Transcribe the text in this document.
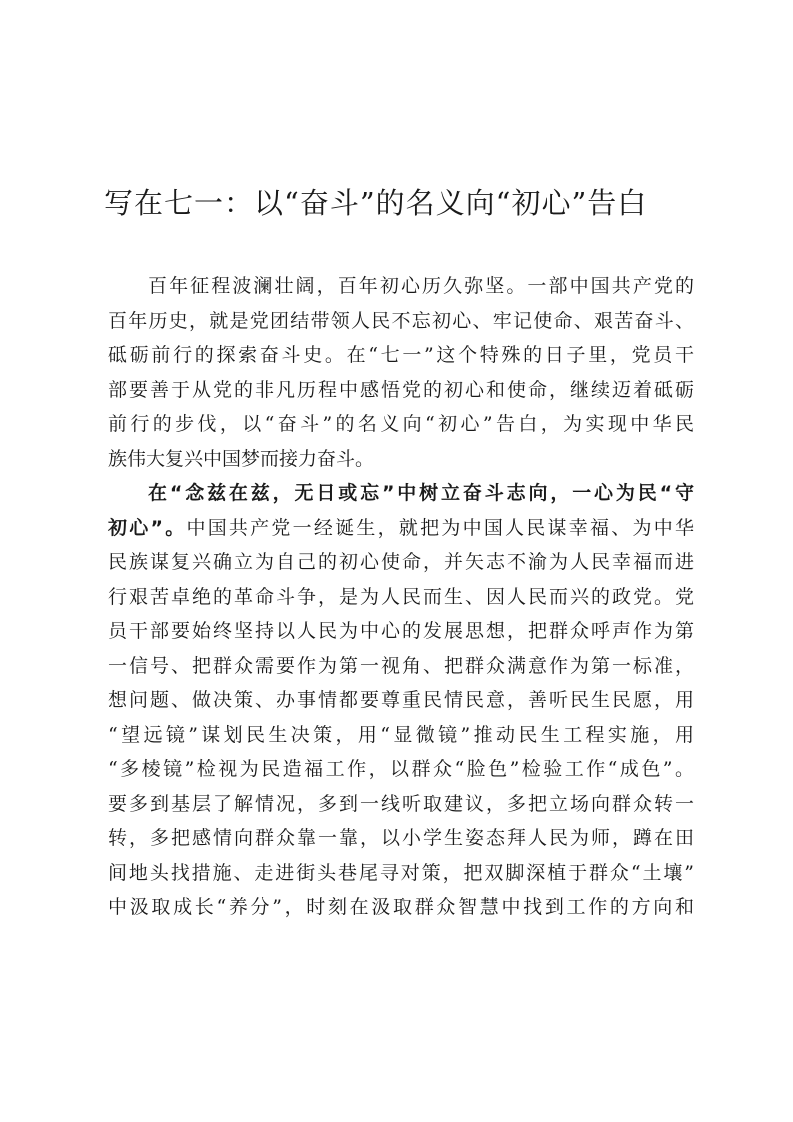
写在七一：以“奋斗”的名义向“初心”告白
百年征程波澜壮阔，百年初心历久弥坚。一部中国共产党的
百年历史，就是党团结带领人民不忘初心、牢记使命、艰苦奋斗、
砥砺前行的探索奋斗史。在“七一”这个特殊的日子里，党员干
部要善于从党的非凡历程中感悟党的初心和使命，继续迈着砥砺
前行的步伐，以“奋斗”的名义向“初心”告白，为实现中华民
族伟大复兴中国梦而接力奋斗。
在“念兹在兹，无日或忘”中树立奋斗志向，一心为民“守
初心”。中国共产党一经诞生，就把为中国人民谋幸福、为中华
民族谋复兴确立为自己的初心使命，并矢志不渝为人民幸福而进
行艰苦卓绝的革命斗争，是为人民而生、因人民而兴的政党。党
员干部要始终坚持以人民为中心的发展思想，把群众呼声作为第
一信号、把群众需要作为第一视角、把群众满意作为第一标准，
想问题、做决策、办事情都要尊重民情民意，善听民生民愿，用
“望远镜”谋划民生决策，用“显微镜”推动民生工程实施，用
“多棱镜”检视为民造福工作，以群众“脸色”检验工作“成色”。
要多到基层了解情况，多到一线听取建议，多把立场向群众转一
转，多把感情向群众靠一靠，以小学生姿态拜人民为师，蹲在田
间地头找措施、走进街头巷尾寻对策，把双脚深植于群众“土壤”
中汲取成长“养分”，时刻在汲取群众智慧中找到工作的方向和
